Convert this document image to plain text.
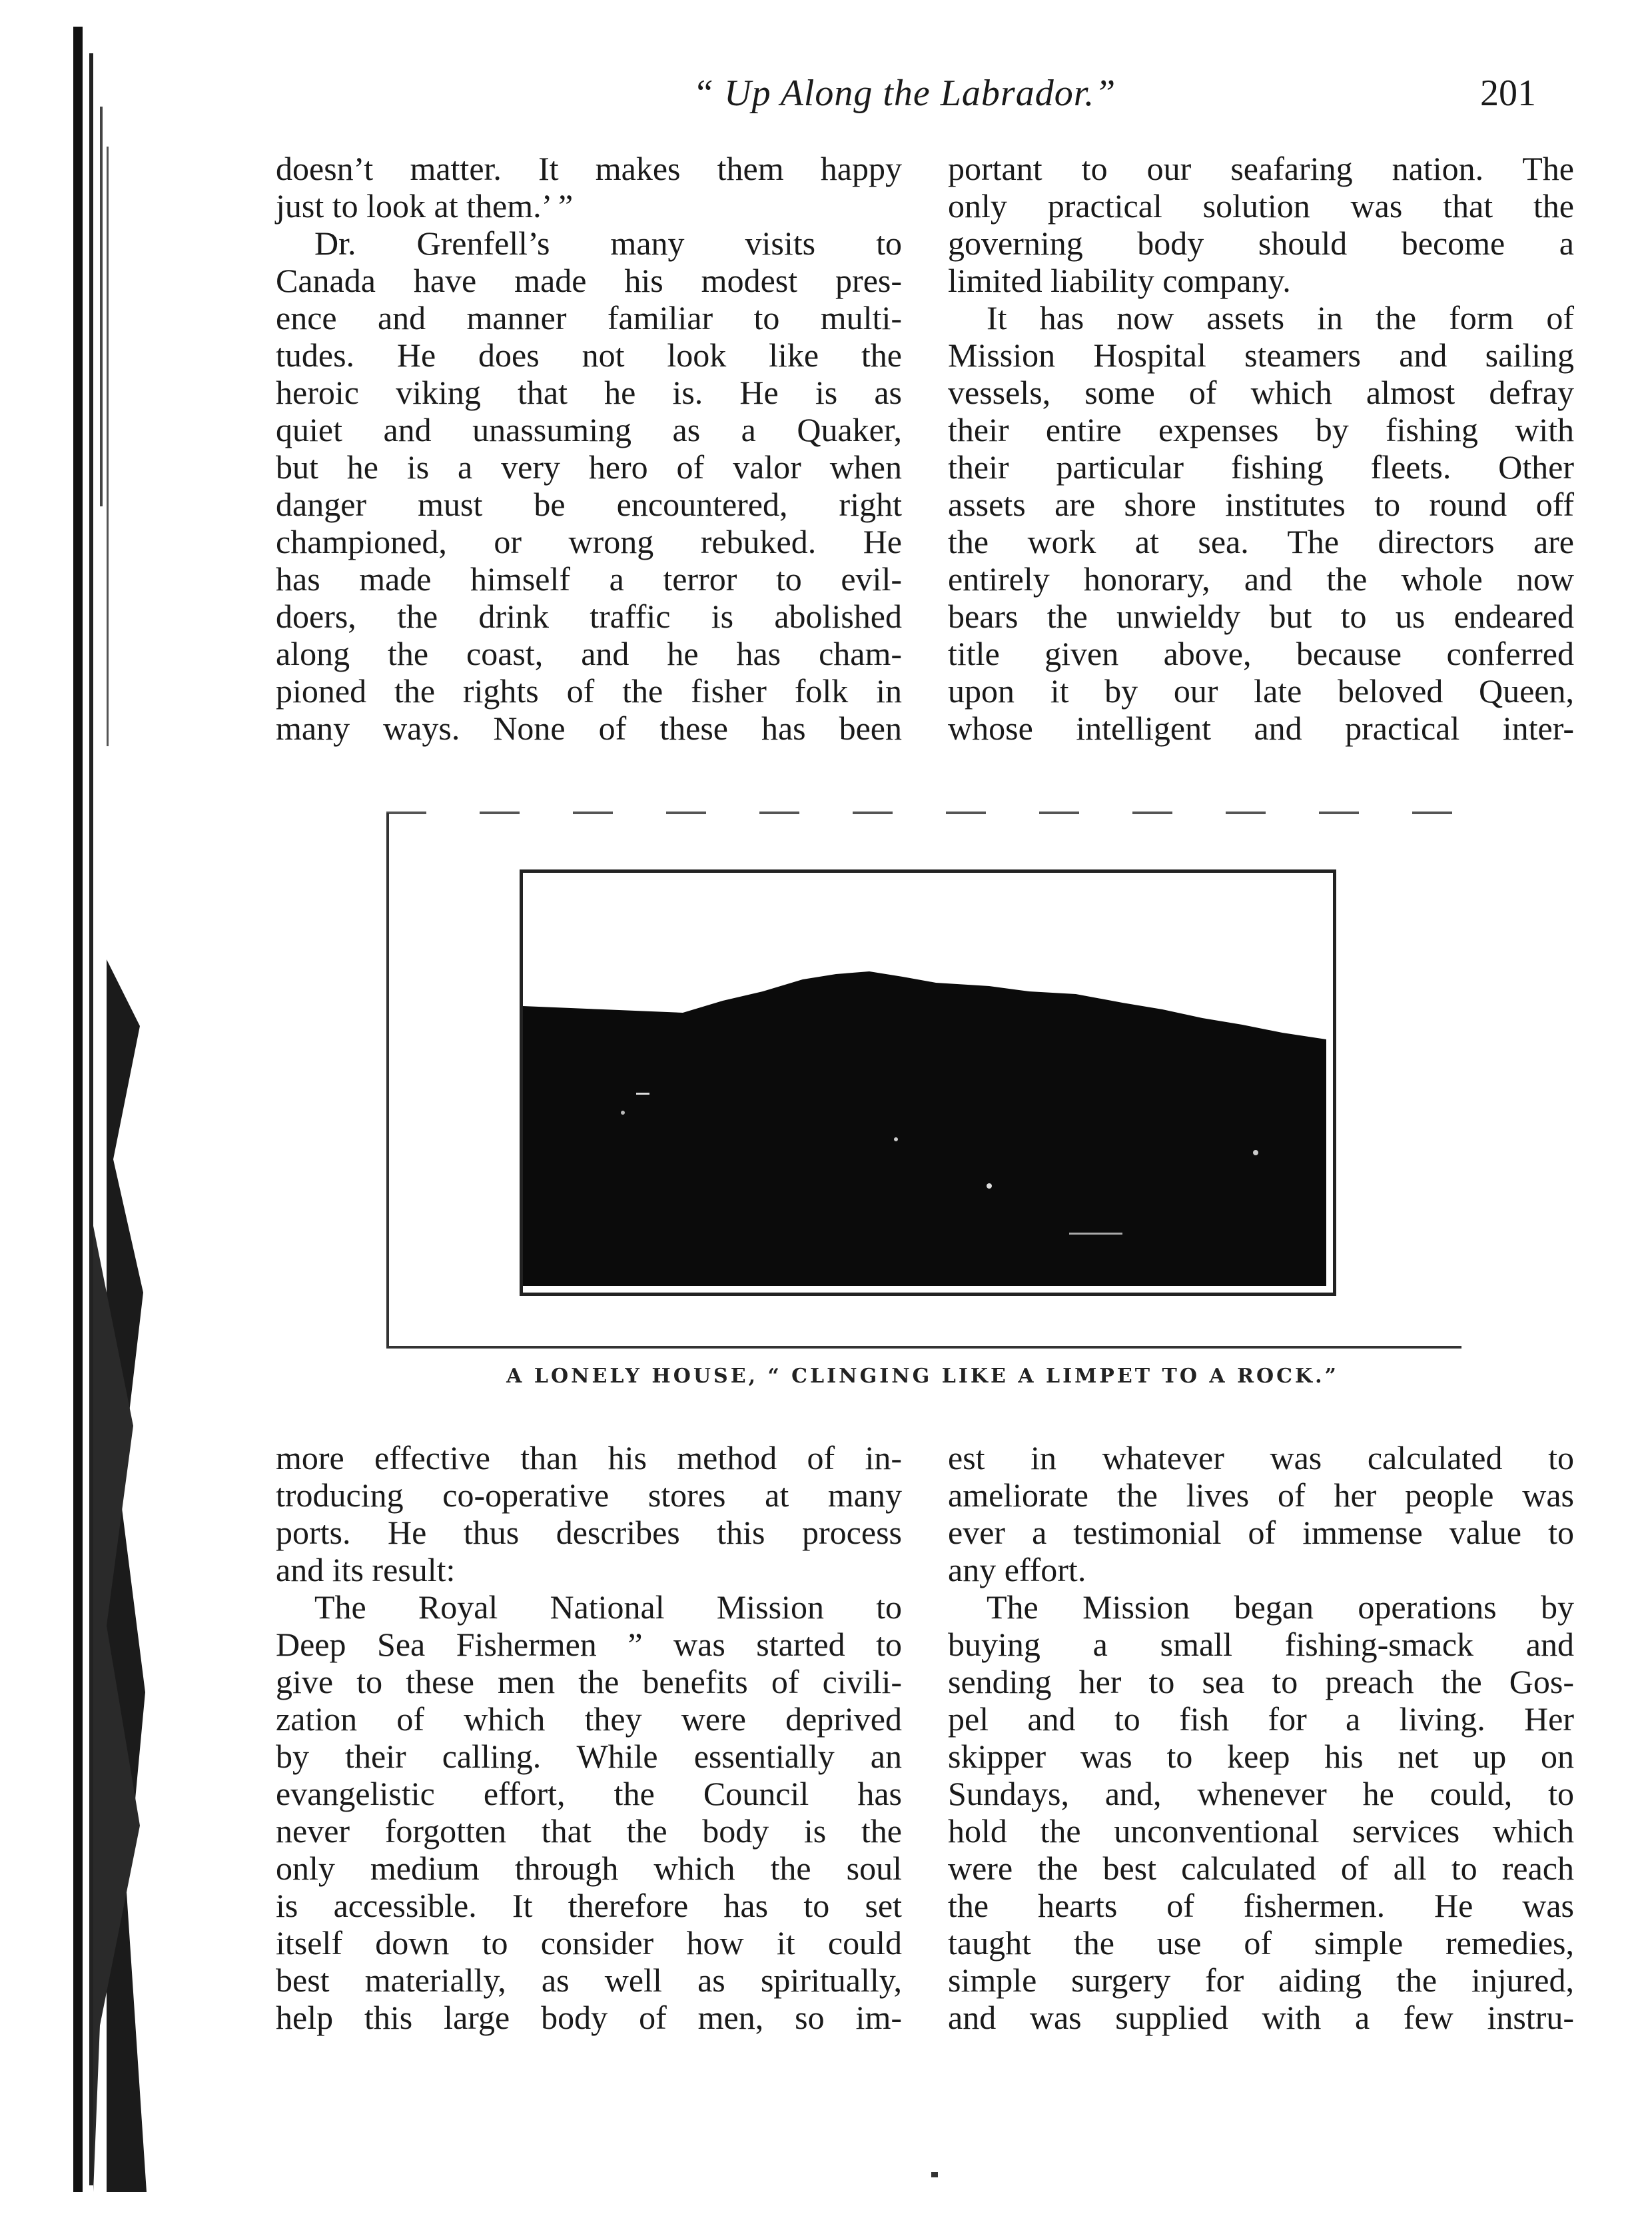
“ Up Along the Labrador.”	201

doesn’t matter. It makes them happy

just to look at them.’ ”

Dr. Grenfell’s many visits to

Canada have made his modest pres-

ence and manner familiar to multi-

tudes. He does not look like the

heroic viking that he is. He is as

quiet and unassuming as a Quaker,

but he is a very hero of valor when

danger must be encountered, right

championed, or wrong rebuked. He

has made himself a terror to evil-

doers, the drink traffic is abolished

along the coast, and he has cham-

pioned the rights of the fisher folk in

many ways. None of these has been

portant to our seafaring nation. The

only practical solution was that the

governing body should become a

limited liability company.

It has now assets in the form of

Mission Hospital steamers and sailing

vessels, some of which almost defray

their entire expenses by fishing with

their particular fishing fleets. Other

assets are shore institutes to round off

the work at sea. The directors are

entirely honorary, and the whole now

bears the unwieldy but to us endeared

title given above, because conferred

upon it by our late beloved Queen,

whose intelligent and practical inter-

A LONELY HOUSE, “ CLINGING LIKE A LIMPET TO A ROCK.”

more effective than his method of in-

troducing co-operative stores at many

ports. He thus describes this process

and its result:

The Royal National Mission to

Deep Sea Fishermen ” was started to

give to these men the benefits of civili-

zation of which they were deprived

by their calling. While essentially an

evangelistic effort, the Council has

never forgotten that the body is the

only medium through which the soul

is accessible. It therefore has to set

itself down to consider how it could

best materially, as well as spiritually,

help this large body of men, so im-

est in whatever was calculated to

ameliorate the lives of her people was

ever a testimonial of immense value to

any effort.

The Mission began operations by

buying a small fishing-smack and

sending her to sea to preach the Gos-

pel and to fish for a living. Her

skipper was to keep his net up on

Sundays, and, whenever he could, to

hold the unconventional services which

were the best calculated of all to reach

the hearts of fishermen. He was

taught the use of simple remedies,

simple surgery for aiding the injured,

and was supplied with a few instru-
